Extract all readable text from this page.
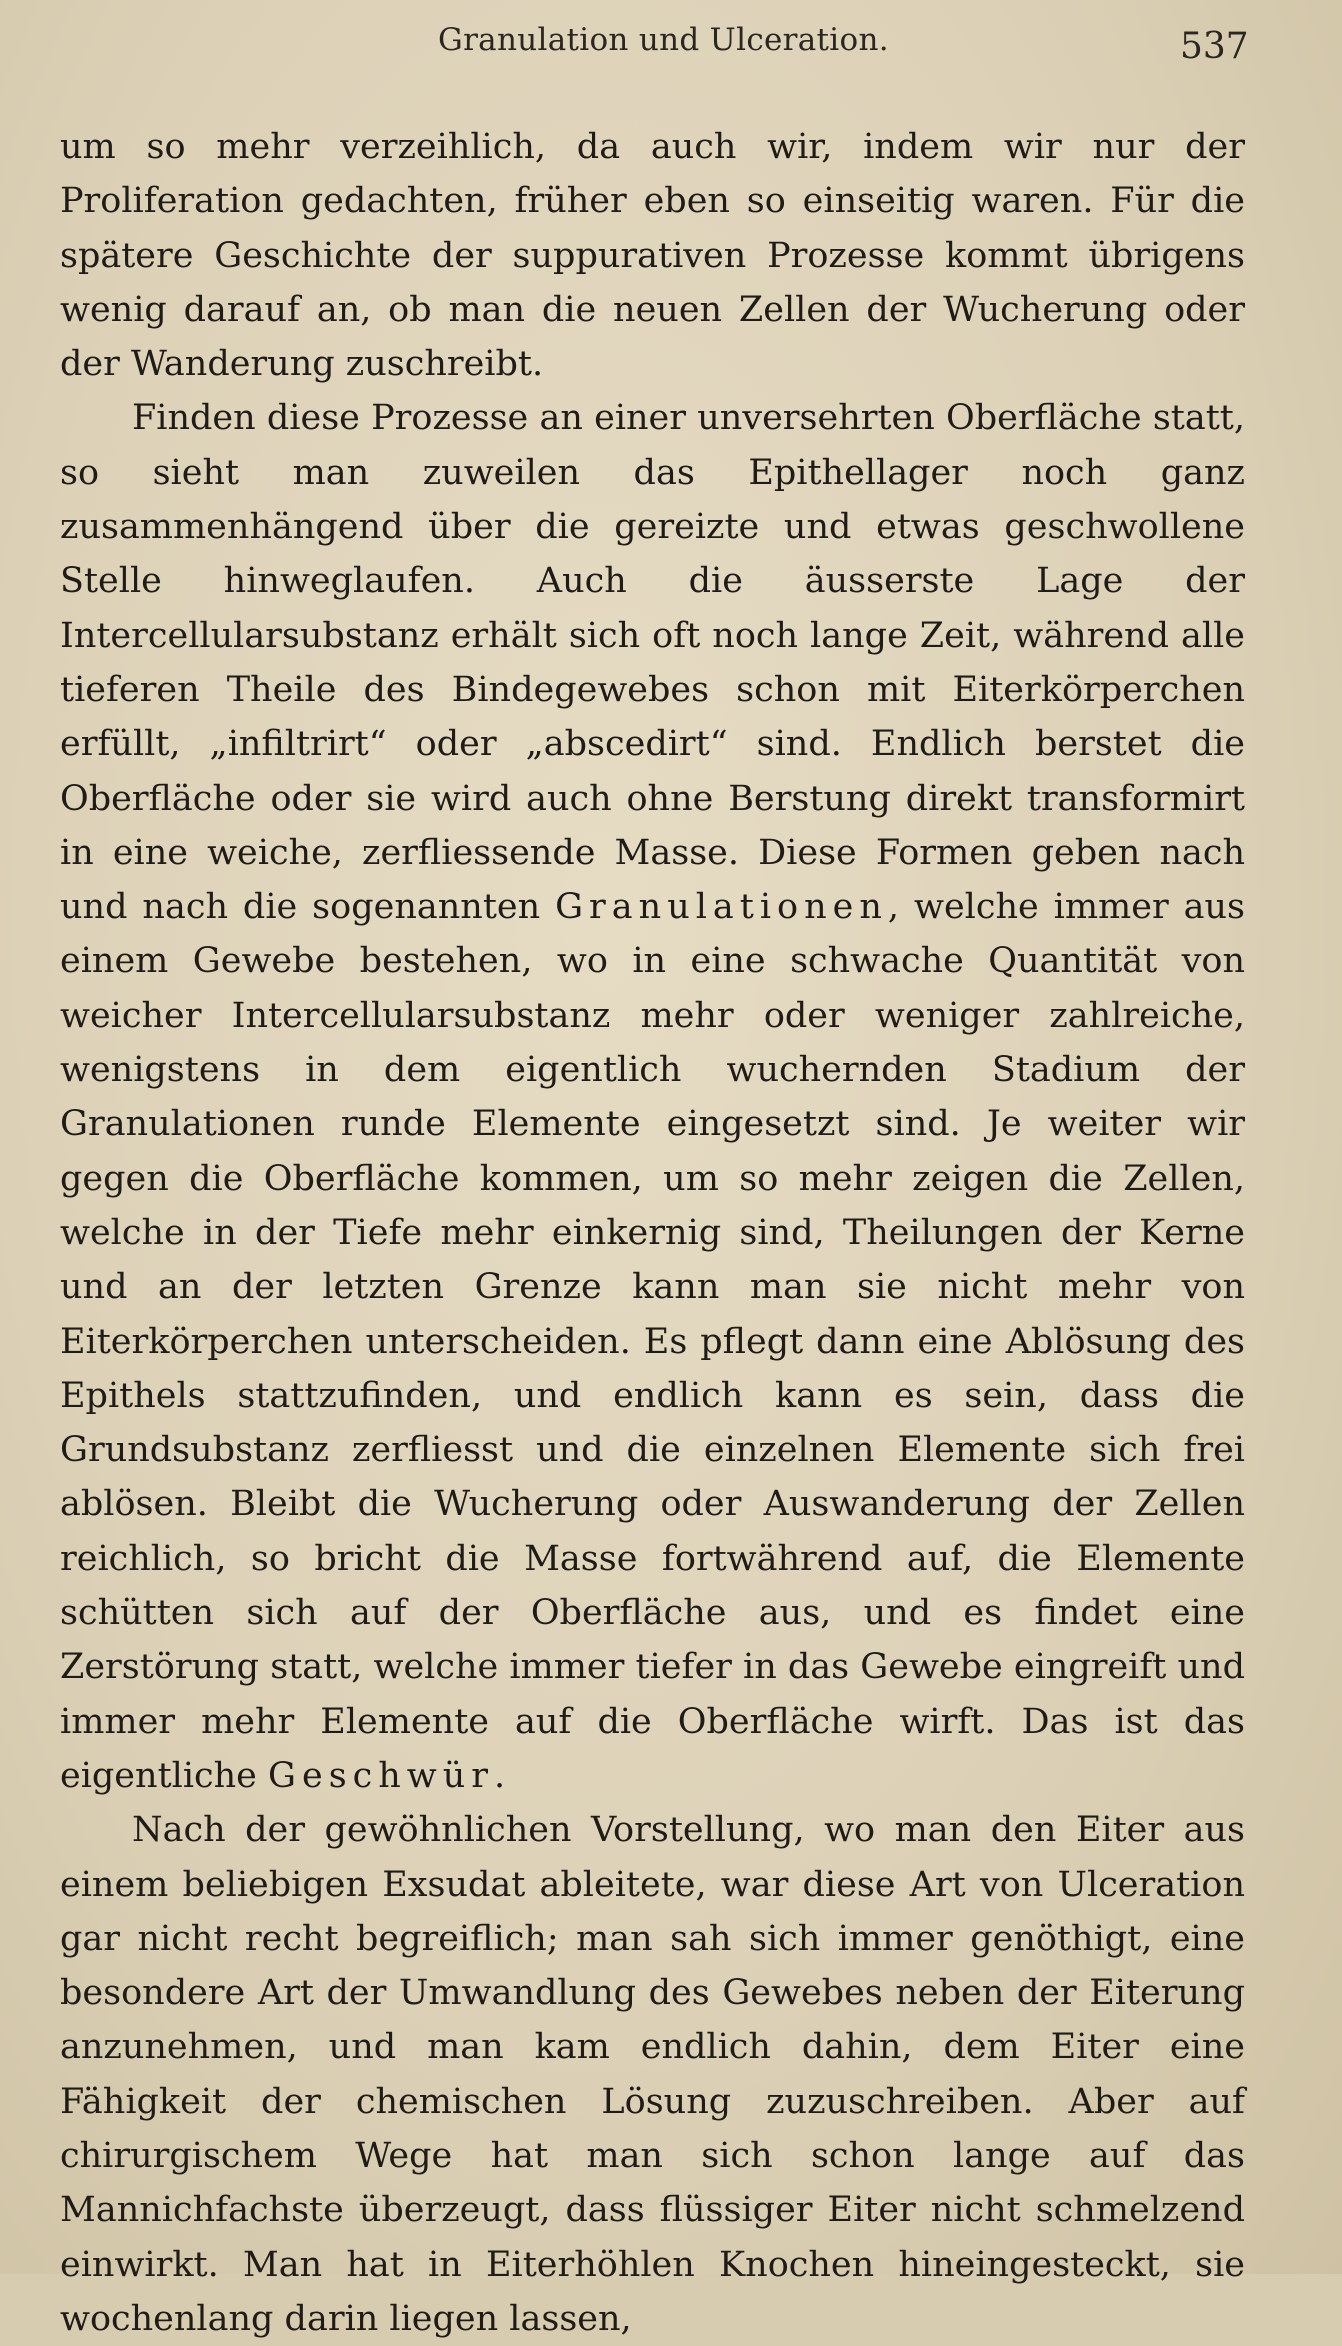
Granulation und Ulceration.	537

um so mehr verzeihlich, da auch wir, indem wir nur der Proliferation gedachten, früher eben so einseitig waren. Für die spätere Geschichte der suppurativen Prozesse kommt übrigens wenig darauf an, ob man die neuen Zellen der Wucherung oder der Wanderung zuschreibt.

Finden diese Prozesse an einer unversehrten Oberfläche statt, so sieht man zuweilen das Epithellager noch ganz zusammenhängend über die gereizte und etwas geschwollene Stelle hinweglaufen. Auch die äusserste Lage der Intercellularsubstanz erhält sich oft noch lange Zeit, während alle tieferen Theile des Bindegewebes schon mit Eiterkörperchen erfüllt, „infiltrirt“ oder „abscedirt“ sind. Endlich berstet die Oberfläche oder sie wird auch ohne Berstung direkt transformirt in eine weiche, zerfliessende Masse. Diese Formen geben nach und nach die sogenannten Granulationen, welche immer aus einem Gewebe bestehen, wo in eine schwache Quantität von weicher Intercellularsubstanz mehr oder weniger zahlreiche, wenigstens in dem eigentlich wuchernden Stadium der Granulationen runde Elemente eingesetzt sind. Je weiter wir gegen die Oberfläche kommen, um so mehr zeigen die Zellen, welche in der Tiefe mehr einkernig sind, Theilungen der Kerne und an der letzten Grenze kann man sie nicht mehr von Eiterkörperchen unterscheiden. Es pflegt dann eine Ablösung des Epithels stattzufinden, und endlich kann es sein, dass die Grundsubstanz zerfliesst und die einzelnen Elemente sich frei ablösen. Bleibt die Wucherung oder Auswanderung der Zellen reichlich, so bricht die Masse fortwährend auf, die Elemente schütten sich auf der Oberfläche aus, und es findet eine Zerstörung statt, welche immer tiefer in das Gewebe eingreift und immer mehr Elemente auf die Oberfläche wirft. Das ist das eigentliche Geschwür.

Nach der gewöhnlichen Vorstellung, wo man den Eiter aus einem beliebigen Exsudat ableitete, war diese Art von Ulceration gar nicht recht begreiflich; man sah sich immer genöthigt, eine besondere Art der Umwandlung des Gewebes neben der Eiterung anzunehmen, und man kam endlich dahin, dem Eiter eine Fähigkeit der chemischen Lösung zuzuschreiben. Aber auf chirurgischem Wege hat man sich schon lange auf das Mannichfachste überzeugt, dass flüssiger Eiter nicht schmelzend einwirkt. Man hat in Eiterhöhlen Knochen hineingesteckt, sie wochenlang darin liegen lassen,
